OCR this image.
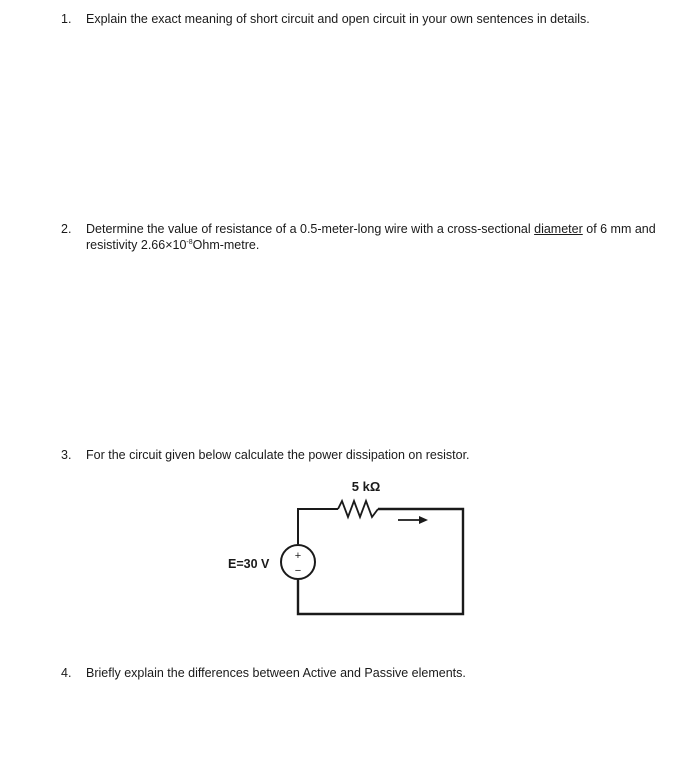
1. Explain the exact meaning of short circuit and open circuit in your own sentences in details.
2. Determine the value of resistance of a 0.5-meter-long wire with a cross-sectional diameter of 6 mm and resistivity $2.66\times 10^{-8}Ohm$-metre.
3. For the circuit given below calculate the power dissipation on resistor.
5 kΩ
+
−
E=30 V
4. Briefly explain the differences between Active and Passive elements.
